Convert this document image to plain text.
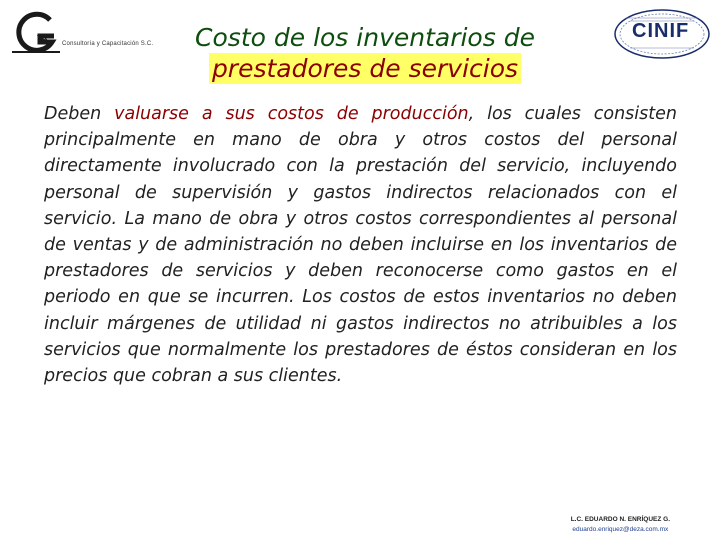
va
Consultoría y Capacitación S.C.
CINIF
Costo de los inventarios de
prestadores de servicios

Deben valuarse a sus costos de producción, los cuales consisten principalmente en mano de obra y otros costos del personal directamente involucrado con la prestación del servicio, incluyendo personal de supervisión y gastos indirectos relacionados con el servicio. La mano de obra y otros costos correspondientes al personal de ventas y de administración no deben incluirse en los inventarios de prestadores de servicios y deben reconocerse como gastos en el periodo en que se incurren. Los costos de estos inventarios no deben incluir márgenes de utilidad ni gastos indirectos no atribuibles a los servicios que normalmente los prestadores de éstos consideran en los precios que cobran a sus clientes.

L.C. EDUARDO N. ENRÍQUEZ G.
eduardo.enriquez@deza.com.mx
